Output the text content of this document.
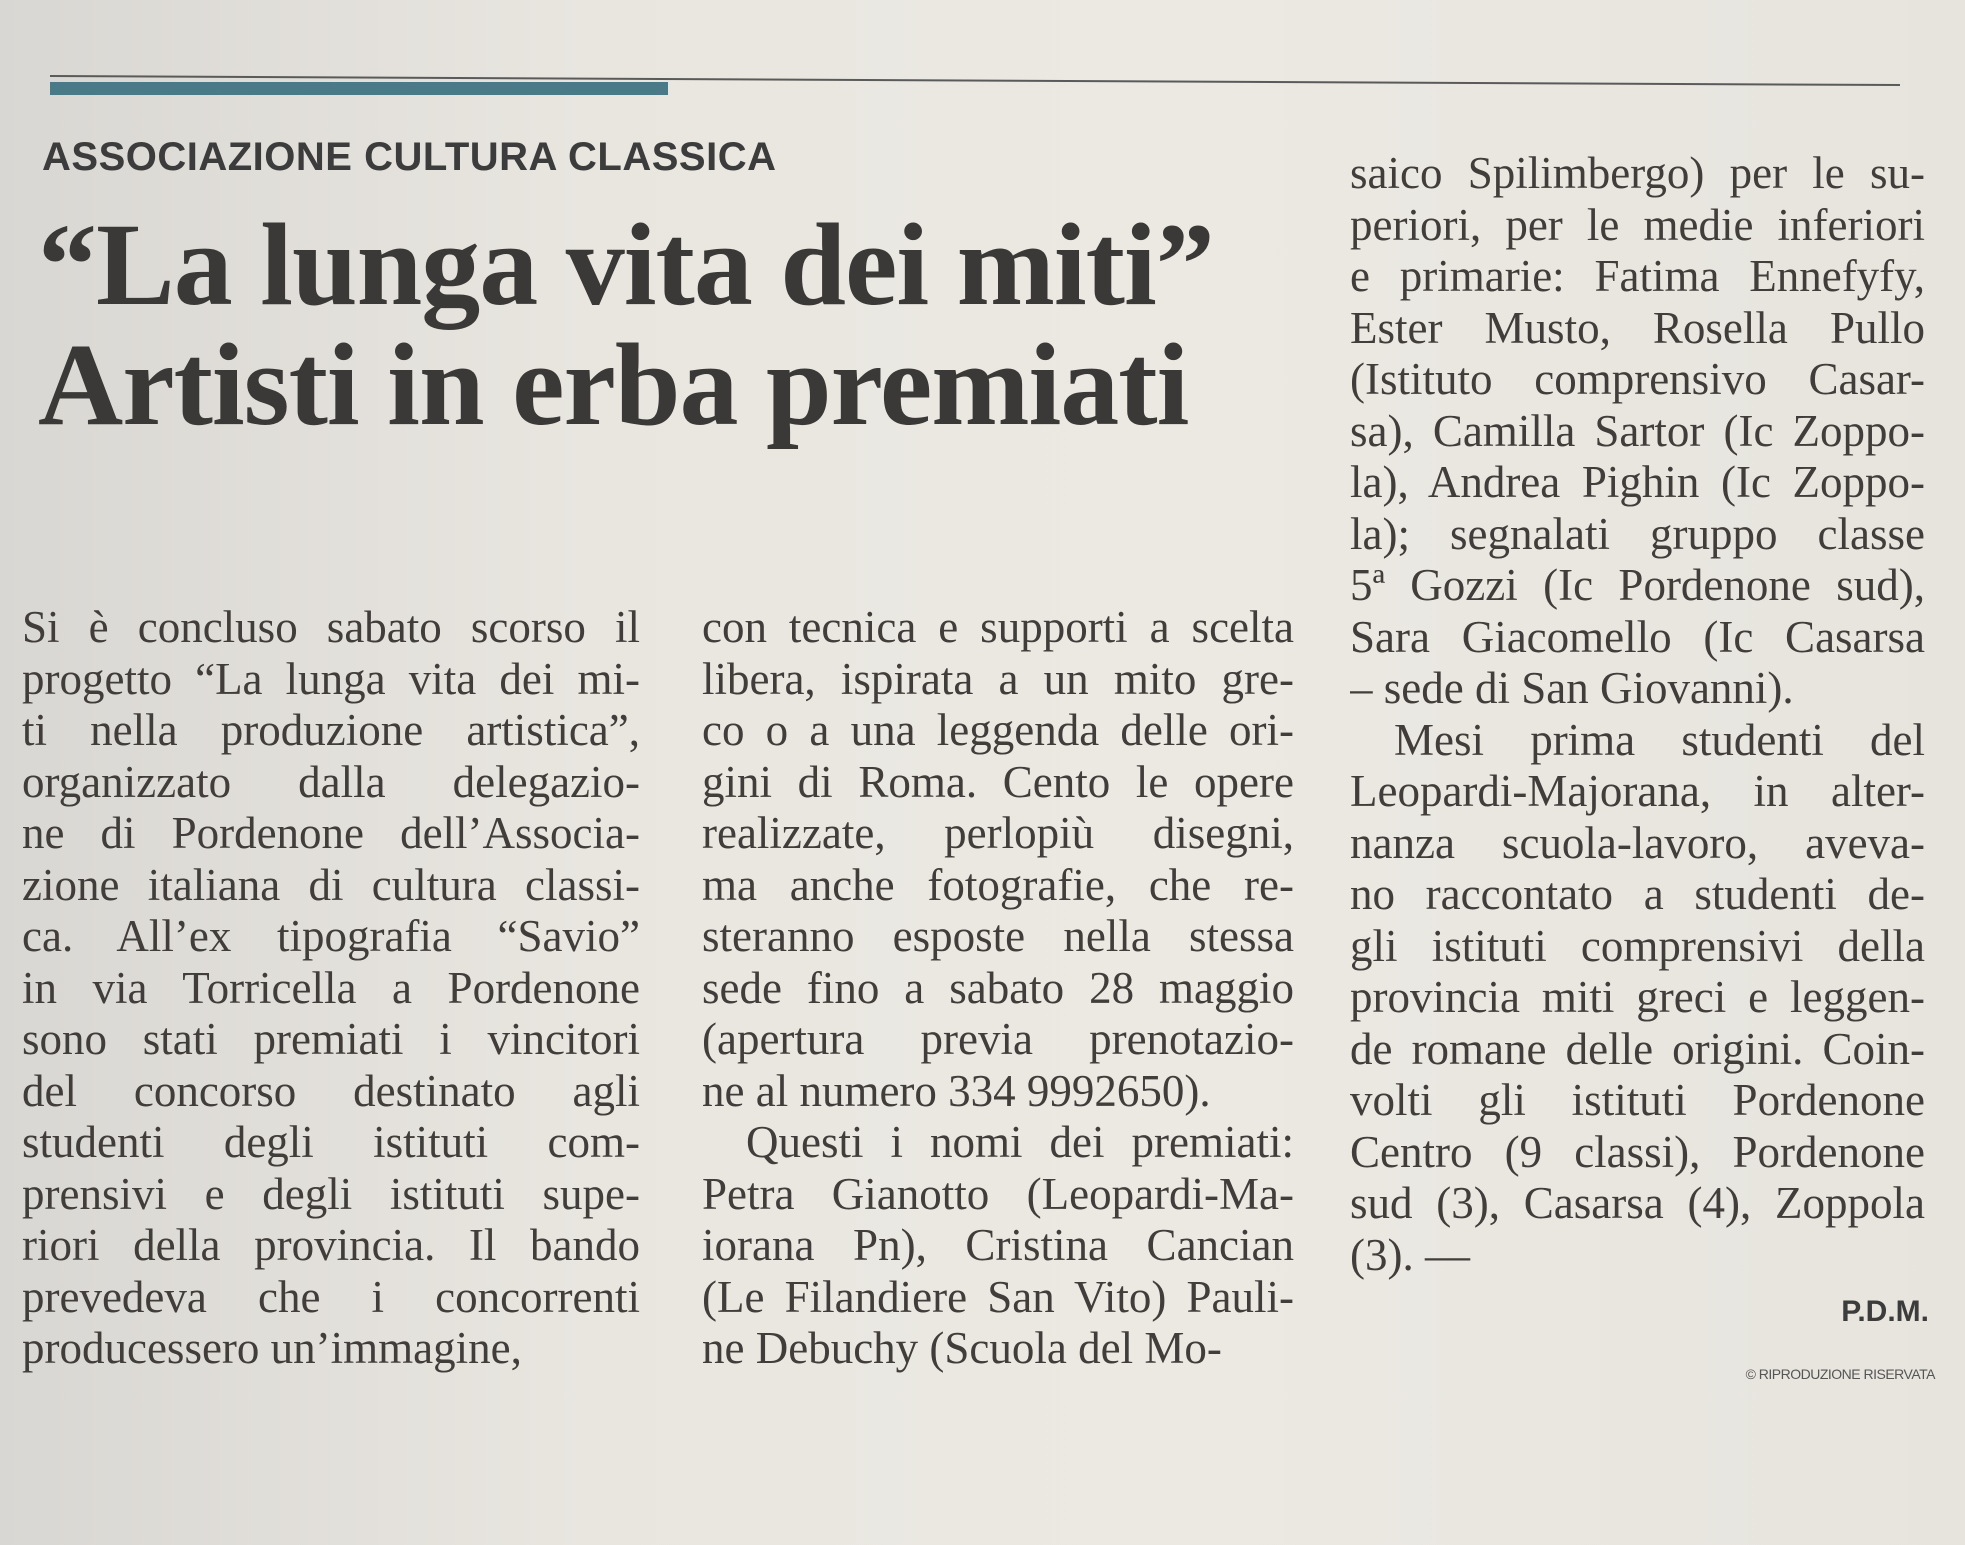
ASSOCIAZIONE CULTURA CLASSICA
“La lunga vita dei miti”
Artisti in erba premiati
Si è concluso sabato scorso il
progetto “La lunga vita dei mi-
ti nella produzione artistica”,
organizzato dalla delegazio-
ne di Pordenone dell’Associa-
zione italiana di cultura classi-
ca. All’ex tipografia “Savio”
in via Torricella a Pordenone
sono stati premiati i vincitori
del concorso destinato agli
studenti degli istituti com-
prensivi e degli istituti supe-
riori della provincia. Il bando
prevedeva che i concorrenti
producessero un’immagine,
con tecnica e supporti a scelta
libera, ispirata a un mito gre-
co o a una leggenda delle ori-
gini di Roma. Cento le opere
realizzate, perlopiù disegni,
ma anche fotografie, che re-
steranno esposte nella stessa
sede fino a sabato 28 maggio
(apertura previa prenotazio-
ne al numero 334 9992650).
Questi i nomi dei premiati:
Petra Gianotto (Leopardi-Ma-
iorana Pn), Cristina Cancian
(Le Filandiere San Vito) Pauli-
ne Debuchy (Scuola del Mo-
saico Spilimbergo) per le su-
periori, per le medie inferiori
e primarie: Fatima Ennefyfy,
Ester Musto, Rosella Pullo
(Istituto comprensivo Casar-
sa), Camilla Sartor (Ic Zoppo-
la), Andrea Pighin (Ic Zoppo-
la); segnalati gruppo classe
5ª Gozzi (Ic Pordenone sud),
Sara Giacomello (Ic Casarsa
– sede di San Giovanni).
Mesi prima studenti del
Leopardi-Majorana, in alter-
nanza scuola-lavoro, aveva-
no raccontato a studenti de-
gli istituti comprensivi della
provincia miti greci e leggen-
de romane delle origini. Coin-
volti gli istituti Pordenone
Centro (9 classi), Pordenone
sud (3), Casarsa (4), Zoppola
(3). —
P.D.M.
© RIPRODUZIONE RISERVATA
